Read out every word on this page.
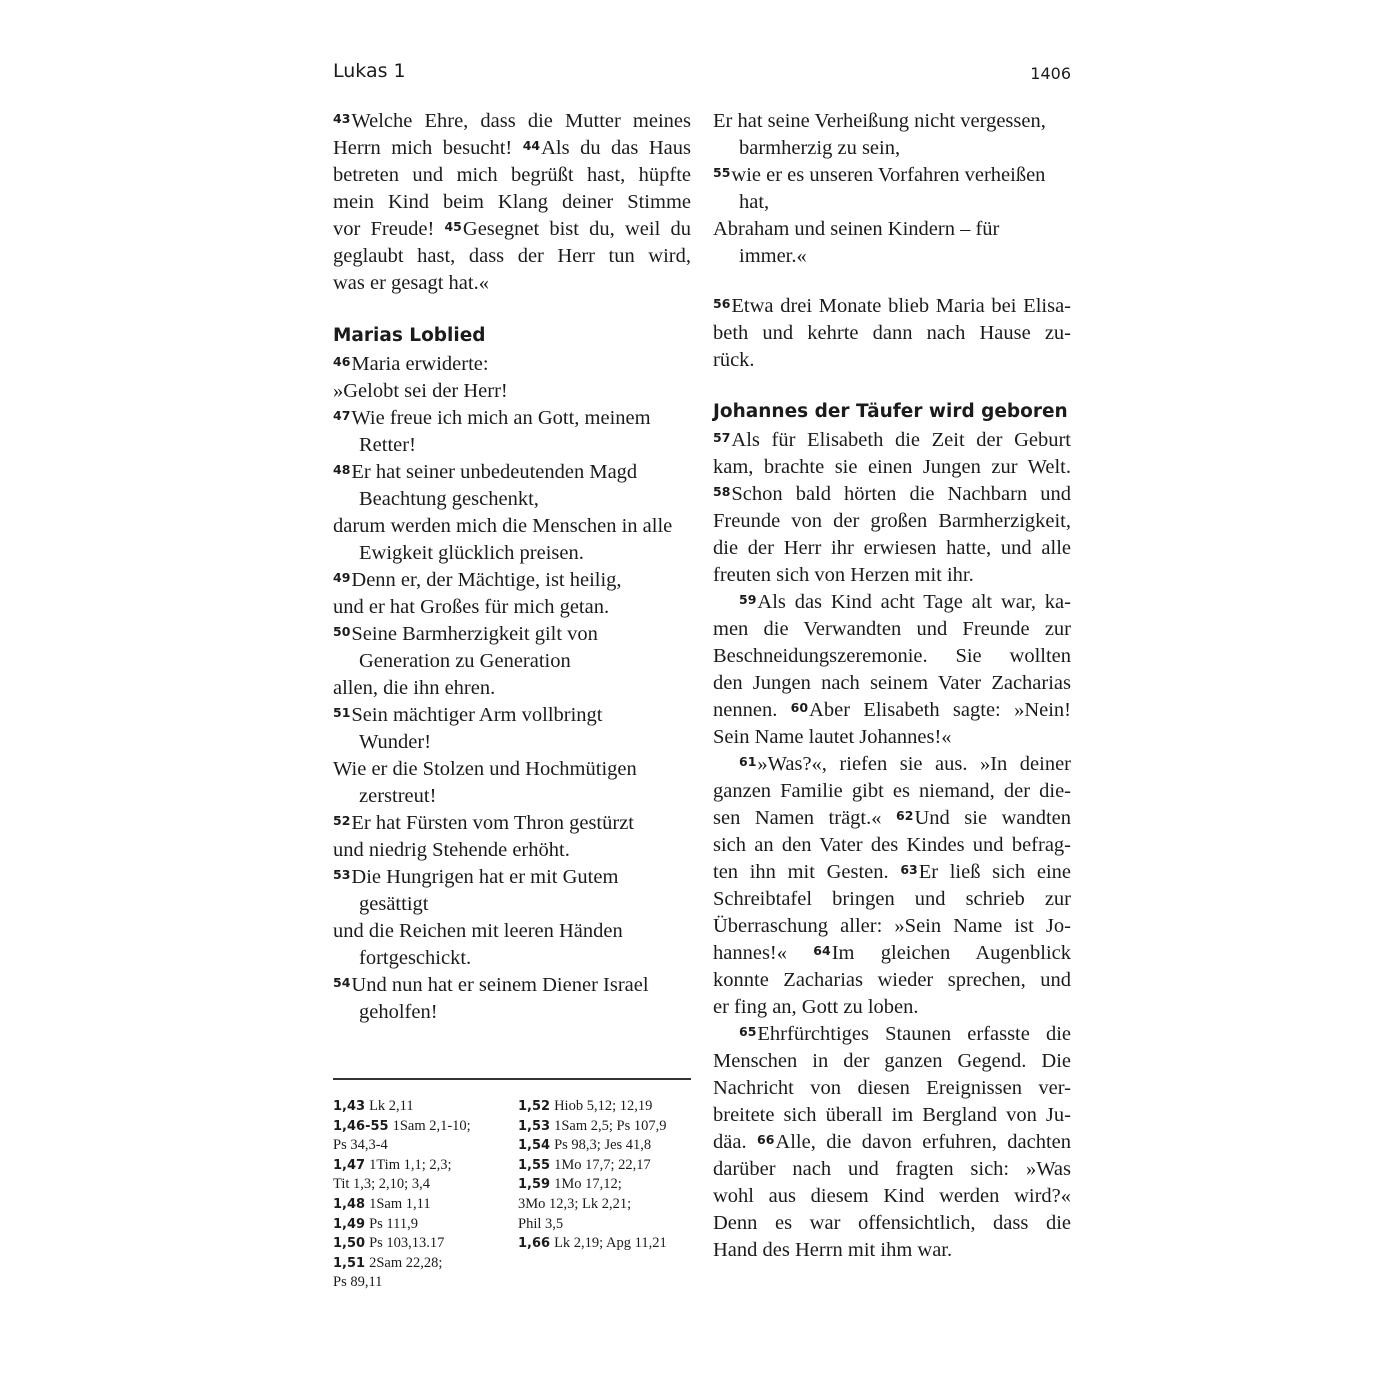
Lukas 1	1406
43Welche Ehre, dass die Mutter meines
Herrn mich besucht! 44Als du das Haus
betreten und mich begrüßt hast, hüpfte
mein Kind beim Klang deiner Stimme
vor Freude! 45Gesegnet bist du, weil du
geglaubt hast, dass der Herr tun wird,
was er gesagt hat.«
Marias Loblied
46Maria erwiderte:
»Gelobt sei der Herr!
47Wie freue ich mich an Gott, meinem
Retter!
48Er hat seiner unbedeutenden Magd
Beachtung geschenkt,
darum werden mich die Menschen in alle
Ewigkeit glücklich preisen.
49Denn er, der Mächtige, ist heilig,
und er hat Großes für mich getan.
50Seine Barmherzigkeit gilt von
Generation zu Generation
allen, die ihn ehren.
51Sein mächtiger Arm vollbringt
Wunder!
Wie er die Stolzen und Hochmütigen
zerstreut!
52Er hat Fürsten vom Thron gestürzt
und niedrig Stehende erhöht.
53Die Hungrigen hat er mit Gutem
gesättigt
und die Reichen mit leeren Händen
fortgeschickt.
54Und nun hat er seinem Diener Israel
geholfen!
Er hat seine Verheißung nicht vergessen,
barmherzig zu sein,
55wie er es unseren Vorfahren verheißen
hat,
Abraham und seinen Kindern – für
immer.«
56Etwa drei Monate blieb Maria bei Elisa-
beth und kehrte dann nach Hause zu-
rück.
Johannes der Täufer wird geboren
57Als für Elisabeth die Zeit der Geburt
kam, brachte sie einen Jungen zur Welt.
58Schon bald hörten die Nachbarn und
Freunde von der großen Barmherzigkeit,
die der Herr ihr erwiesen hatte, und alle
freuten sich von Herzen mit ihr.
59Als das Kind acht Tage alt war, ka-
men die Verwandten und Freunde zur
Beschneidungszeremonie. Sie wollten
den Jungen nach seinem Vater Zacharias
nennen. 60Aber Elisabeth sagte: »Nein!
Sein Name lautet Johannes!«
61»Was?«, riefen sie aus. »In deiner
ganzen Familie gibt es niemand, der die-
sen Namen trägt.« 62Und sie wandten
sich an den Vater des Kindes und befrag-
ten ihn mit Gesten. 63Er ließ sich eine
Schreibtafel bringen und schrieb zur
Überraschung aller: »Sein Name ist Jo-
hannes!« 64Im gleichen Augenblick
konnte Zacharias wieder sprechen, und
er fing an, Gott zu loben.
65Ehrfürchtiges Staunen erfasste die
Menschen in der ganzen Gegend. Die
Nachricht von diesen Ereignissen ver-
breitete sich überall im Bergland von Ju-
däa. 66Alle, die davon erfuhren, dachten
darüber nach und fragten sich: »Was
wohl aus diesem Kind werden wird?«
Denn es war offensichtlich, dass die
Hand des Herrn mit ihm war.
1,43 Lk 2,11
1,46-55 1Sam 2,1-10;
Ps 34,3-4
1,47 1Tim 1,1; 2,3;
Tit 1,3; 2,10; 3,4
1,48 1Sam 1,11
1,49 Ps 111,9
1,50 Ps 103,13.17
1,51 2Sam 22,28;
Ps 89,11
1,52 Hiob 5,12; 12,19
1,53 1Sam 2,5; Ps 107,9
1,54 Ps 98,3; Jes 41,8
1,55 1Mo 17,7; 22,17
1,59 1Mo 17,12;
3Mo 12,3; Lk 2,21;
Phil 3,5
1,66 Lk 2,19; Apg 11,21
